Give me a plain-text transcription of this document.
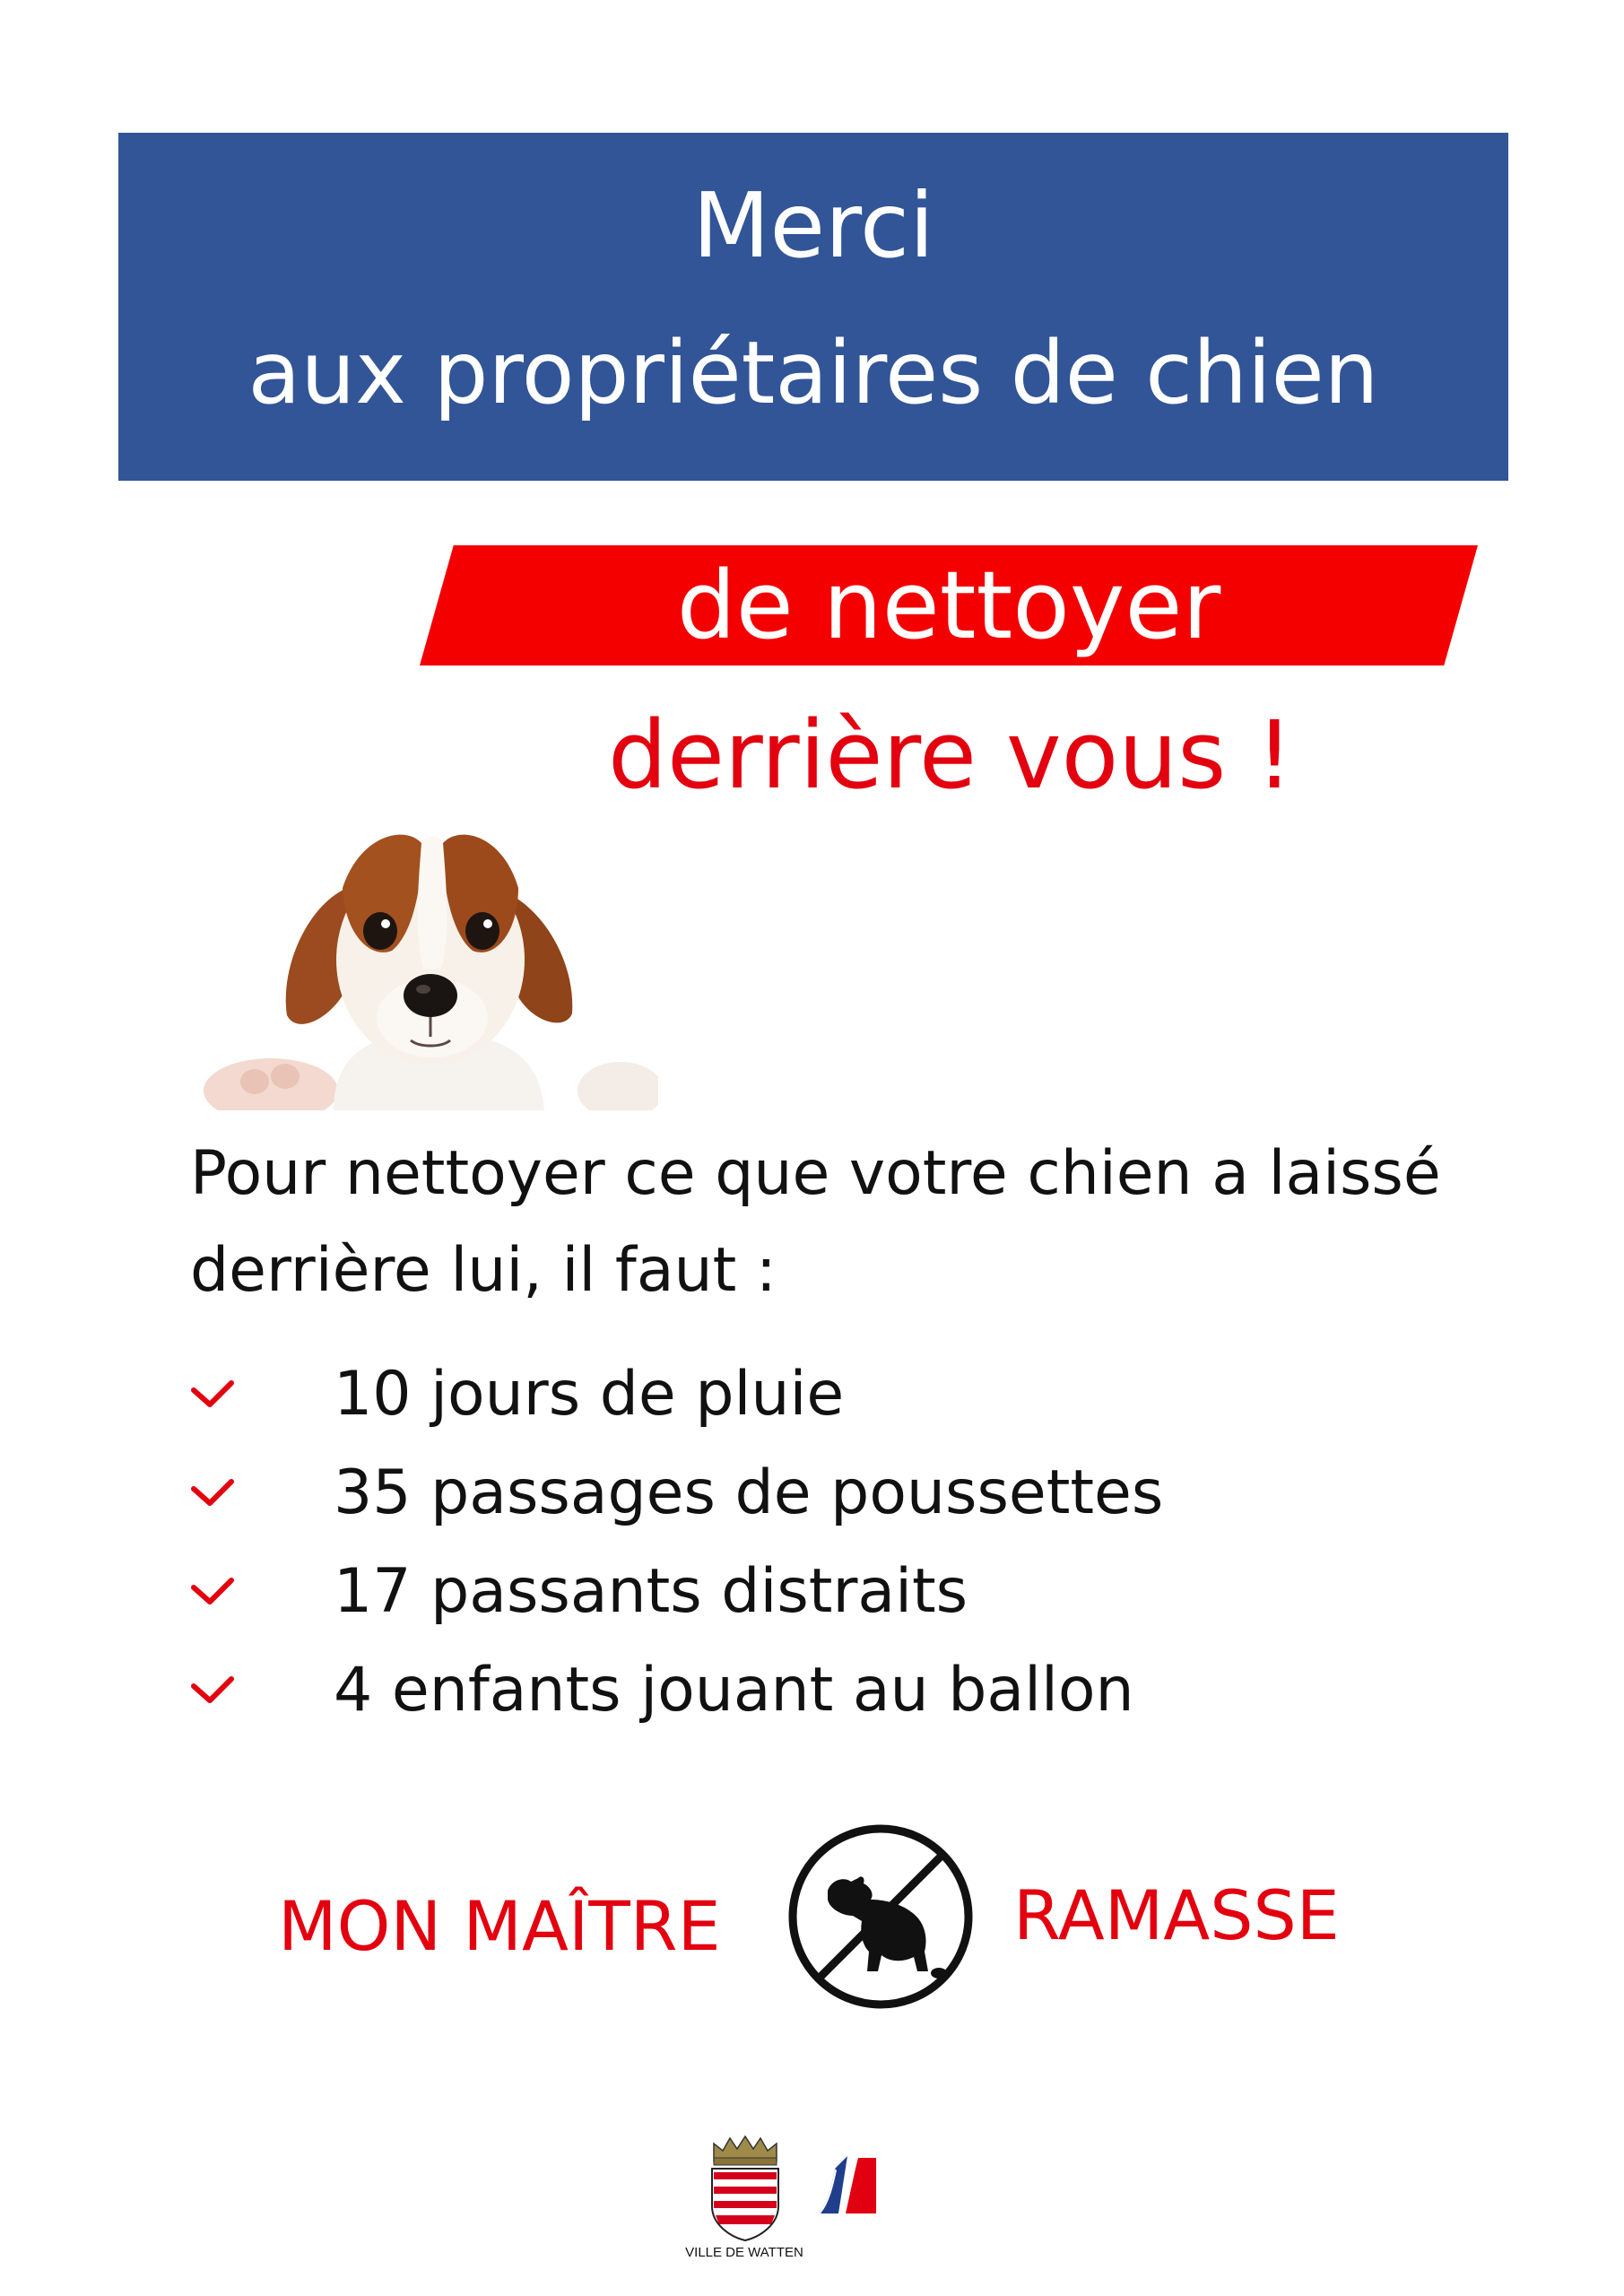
Merci
aux propriétaires de chien
de nettoyer
derrière vous !
Pour nettoyer ce que votre chien a laissé derrière lui, il faut :
10 jours de pluie
35 passages de poussettes
17 passants distraits
4 enfants jouant au ballon
MON MAÎTRE	RAMASSE
VILLE DE WATTEN
